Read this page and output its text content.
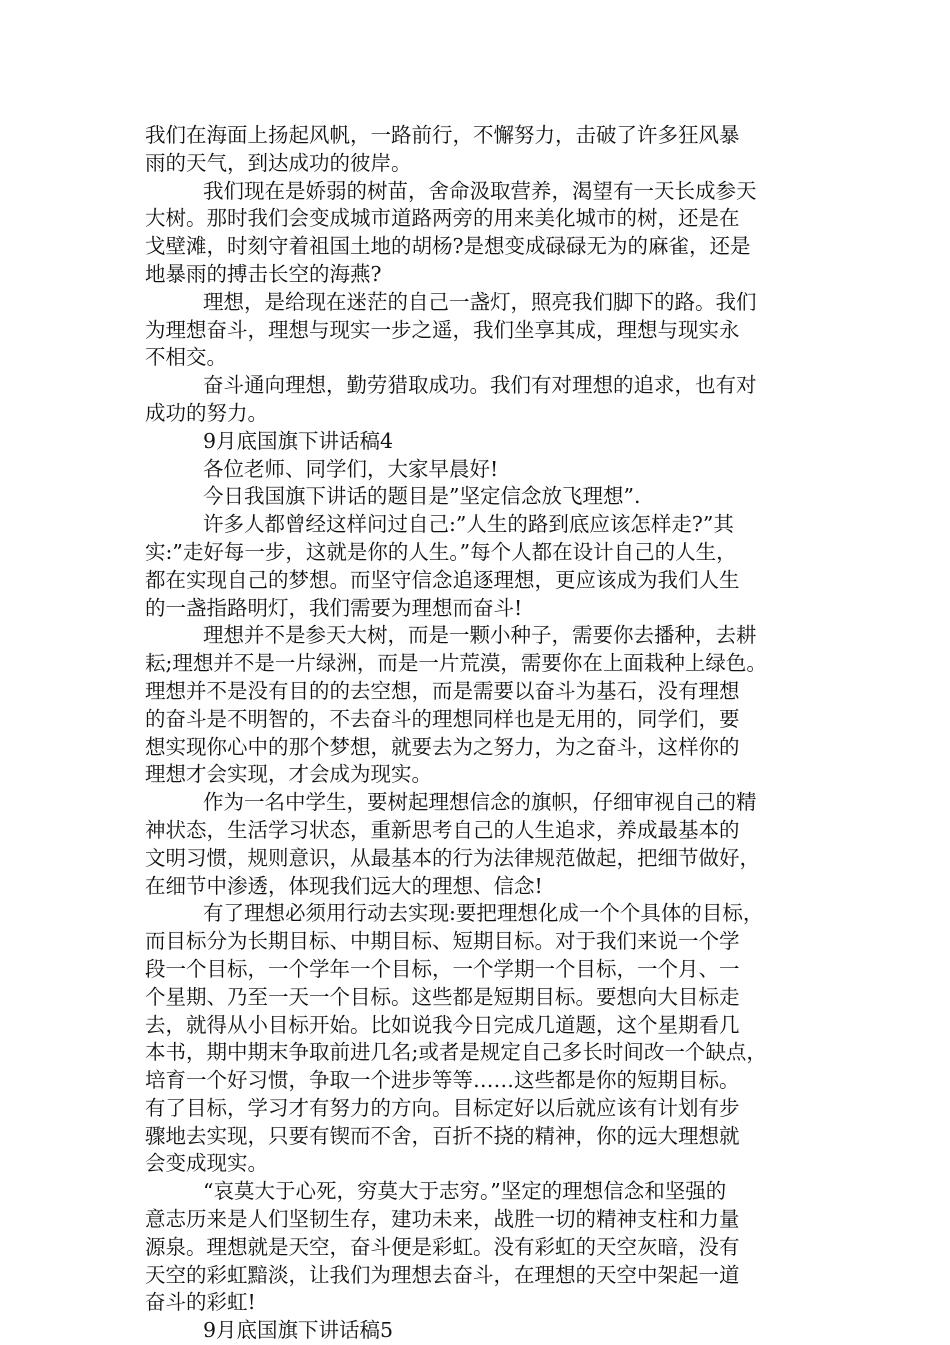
我们在海面上扬起风帆，一路前行，不懈努力，击破了许多狂风暴
雨的天气，到达成功的彼岸。

我们现在是娇弱的树苗，舍命汲取营养，渴望有一天长成参天
大树。那时我们会变成城市道路两旁的用来美化城市的树，还是在
戈壁滩，时刻守着祖国土地的胡杨?是想变成碌碌无为的麻雀，还是
地暴雨的搏击长空的海燕?

理想，是给现在迷茫的自己一盏灯，照亮我们脚下的路。我们
为理想奋斗，理想与现实一步之遥，我们坐享其成，理想与现实永
不相交。

奋斗通向理想，勤劳猎取成功。我们有对理想的追求，也有对
成功的努力。

9月底国旗下讲话稿4

各位老师、同学们，大家早晨好!

今日我国旗下讲话的题目是”坚定信念放飞理想”.

许多人都曾经这样问过自己:”人生的路到底应该怎样走?”其
实:”走好每一步，这就是你的人生。”每个人都在设计自己的人生，
都在实现自己的梦想。而坚守信念追逐理想，更应该成为我们人生
的一盏指路明灯，我们需要为理想而奋斗!

理想并不是参天大树，而是一颗小种子，需要你去播种，去耕
耘;理想并不是一片绿洲，而是一片荒漠，需要你在上面栽种上绿色。
理想并不是没有目的的去空想，而是需要以奋斗为基石，没有理想
的奋斗是不明智的，不去奋斗的理想同样也是无用的，同学们，要
想实现你心中的那个梦想，就要去为之努力，为之奋斗，这样你的
理想才会实现，才会成为现实。

作为一名中学生，要树起理想信念的旗帜，仔细审视自己的精
神状态，生活学习状态，重新思考自己的人生追求，养成最基本的
文明习惯，规则意识，从最基本的行为法律规范做起，把细节做好，
在细节中渗透，体现我们远大的理想、信念!

有了理想必须用行动去实现:要把理想化成一个个具体的目标，
而目标分为长期目标、中期目标、短期目标。对于我们来说一个学
段一个目标，一个学年一个目标，一个学期一个目标，一个月、一
个星期、乃至一天一个目标。这些都是短期目标。要想向大目标走
去，就得从小目标开始。比如说我今日完成几道题，这个星期看几
本书，期中期末争取前进几名;或者是规定自己多长时间改一个缺点，
培育一个好习惯，争取一个进步等等……这些都是你的短期目标。
有了目标，学习才有努力的方向。目标定好以后就应该有计划有步
骤地去实现，只要有锲而不舍，百折不挠的精神，你的远大理想就
会变成现实。

“哀莫大于心死，穷莫大于志穷。”坚定的理想信念和坚强的
意志历来是人们坚韧生存，建功未来，战胜一切的精神支柱和力量
源泉。理想就是天空，奋斗便是彩虹。没有彩虹的天空灰暗，没有
天空的彩虹黯淡，让我们为理想去奋斗，在理想的天空中架起一道
奋斗的彩虹!

9月底国旗下讲话稿5
